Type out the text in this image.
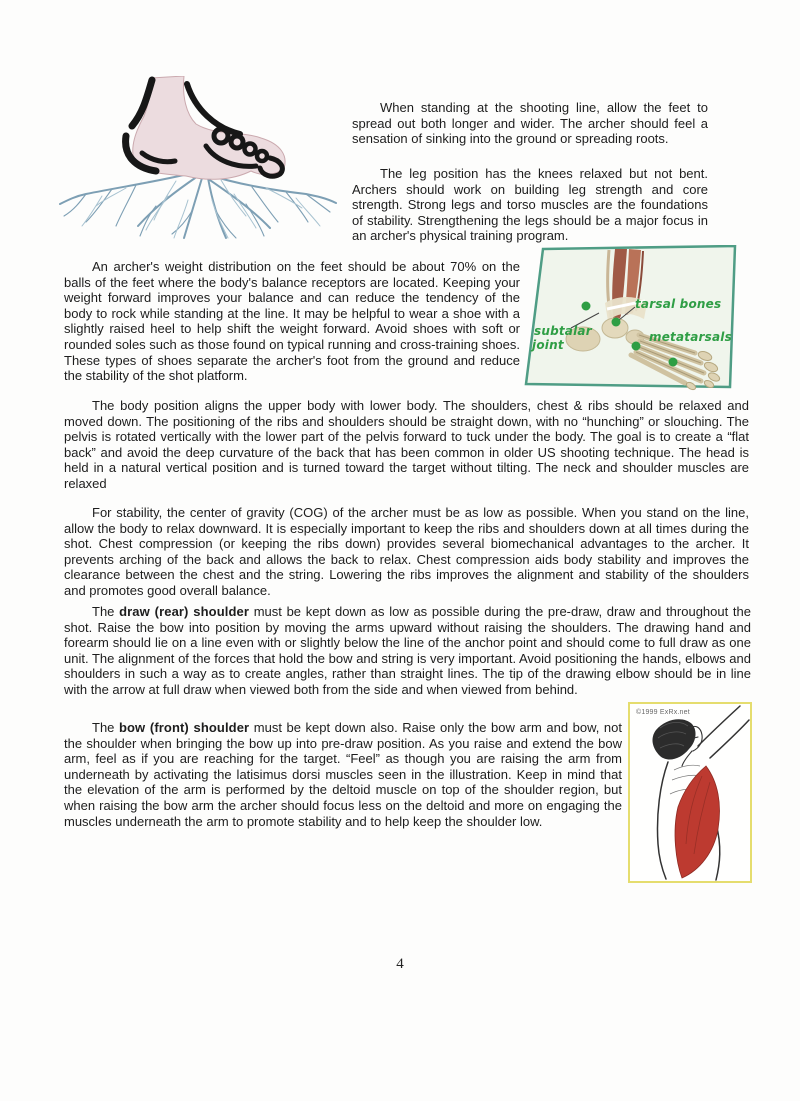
When standing at the shooting line, allow the feet to spread out both longer and wider. The archer should feel a sensation of sinking into the ground or spreading roots.

The leg position has the knees relaxed but not bent. Archers should work on building leg strength and core strength. Strong legs and torso muscles are the foundations of stability. Strengthening the legs should be a major focus in an archer's physical training program.

An archer's weight distribution on the feet should be about 70% on the balls of the feet where the body's balance receptors are located. Keeping your weight forward improves your balance and can reduce the tendency of the body to rock while standing at the line. It may be helpful to wear a shoe with a slightly raised heel to help shift the weight forward. Avoid shoes with soft or rounded soles such as those found on typical running and cross-training shoes. These types of shoes separate the archer's foot from the ground and reduce the stability of the shot platform.

tarsal bones
metatarsals
subtalar
joint

The body position aligns the upper body with lower body. The shoulders, chest & ribs should be relaxed and moved down. The positioning of the ribs and shoulders should be straight down, with no “hunching” or slouching. The pelvis is rotated vertically with the lower part of the pelvis forward to tuck under the body. The goal is to create a “flat back” and avoid the deep curvature of the back that has been common in older US shooting technique. The head is held in a natural vertical position and is turned toward the target without tilting. The neck and shoulder muscles are relaxed

For stability, the center of gravity (COG) of the archer must be as low as possible. When you stand on the line, allow the body to relax downward. It is especially important to keep the ribs and shoulders down at all times during the shot. Chest compression (or keeping the ribs down) provides several biomechanical advantages to the archer. It prevents arching of the back and allows the back to relax. Chest compression aids body stability and improves the clearance between the chest and the string. Lowering the ribs improves the alignment and stability of the shoulders and promotes good overall balance.

The draw (rear) shoulder must be kept down as low as possible during the pre-draw, draw and throughout the shot. Raise the bow into position by moving the arms upward without raising the shoulders. The drawing hand and forearm should lie on a line even with or slightly below the line of the anchor point and should come to full draw as one unit. The alignment of the forces that hold the bow and string is very important. Avoid positioning the hands, elbows and shoulders in such a way as to create angles, rather than straight lines. The tip of the drawing elbow should be in line with the arrow at full draw when viewed both from the side and when viewed from behind.

The bow (front) shoulder must be kept down also. Raise only the bow arm and bow, not the shoulder when bringing the bow up into pre-draw position. As you raise and extend the bow arm, feel as if you are reaching for the target. “Feel” as though you are raising the arm from underneath by activating the latisimus dorsi muscles seen in the illustration. Keep in mind that the elevation of the arm is performed by the deltoid muscle on top of the shoulder region, but when raising the bow arm the archer should focus less on the deltoid and more on engaging the muscles underneath the arm to promote stability and to help keep the shoulder low.

©1999 ExRx.net
4
